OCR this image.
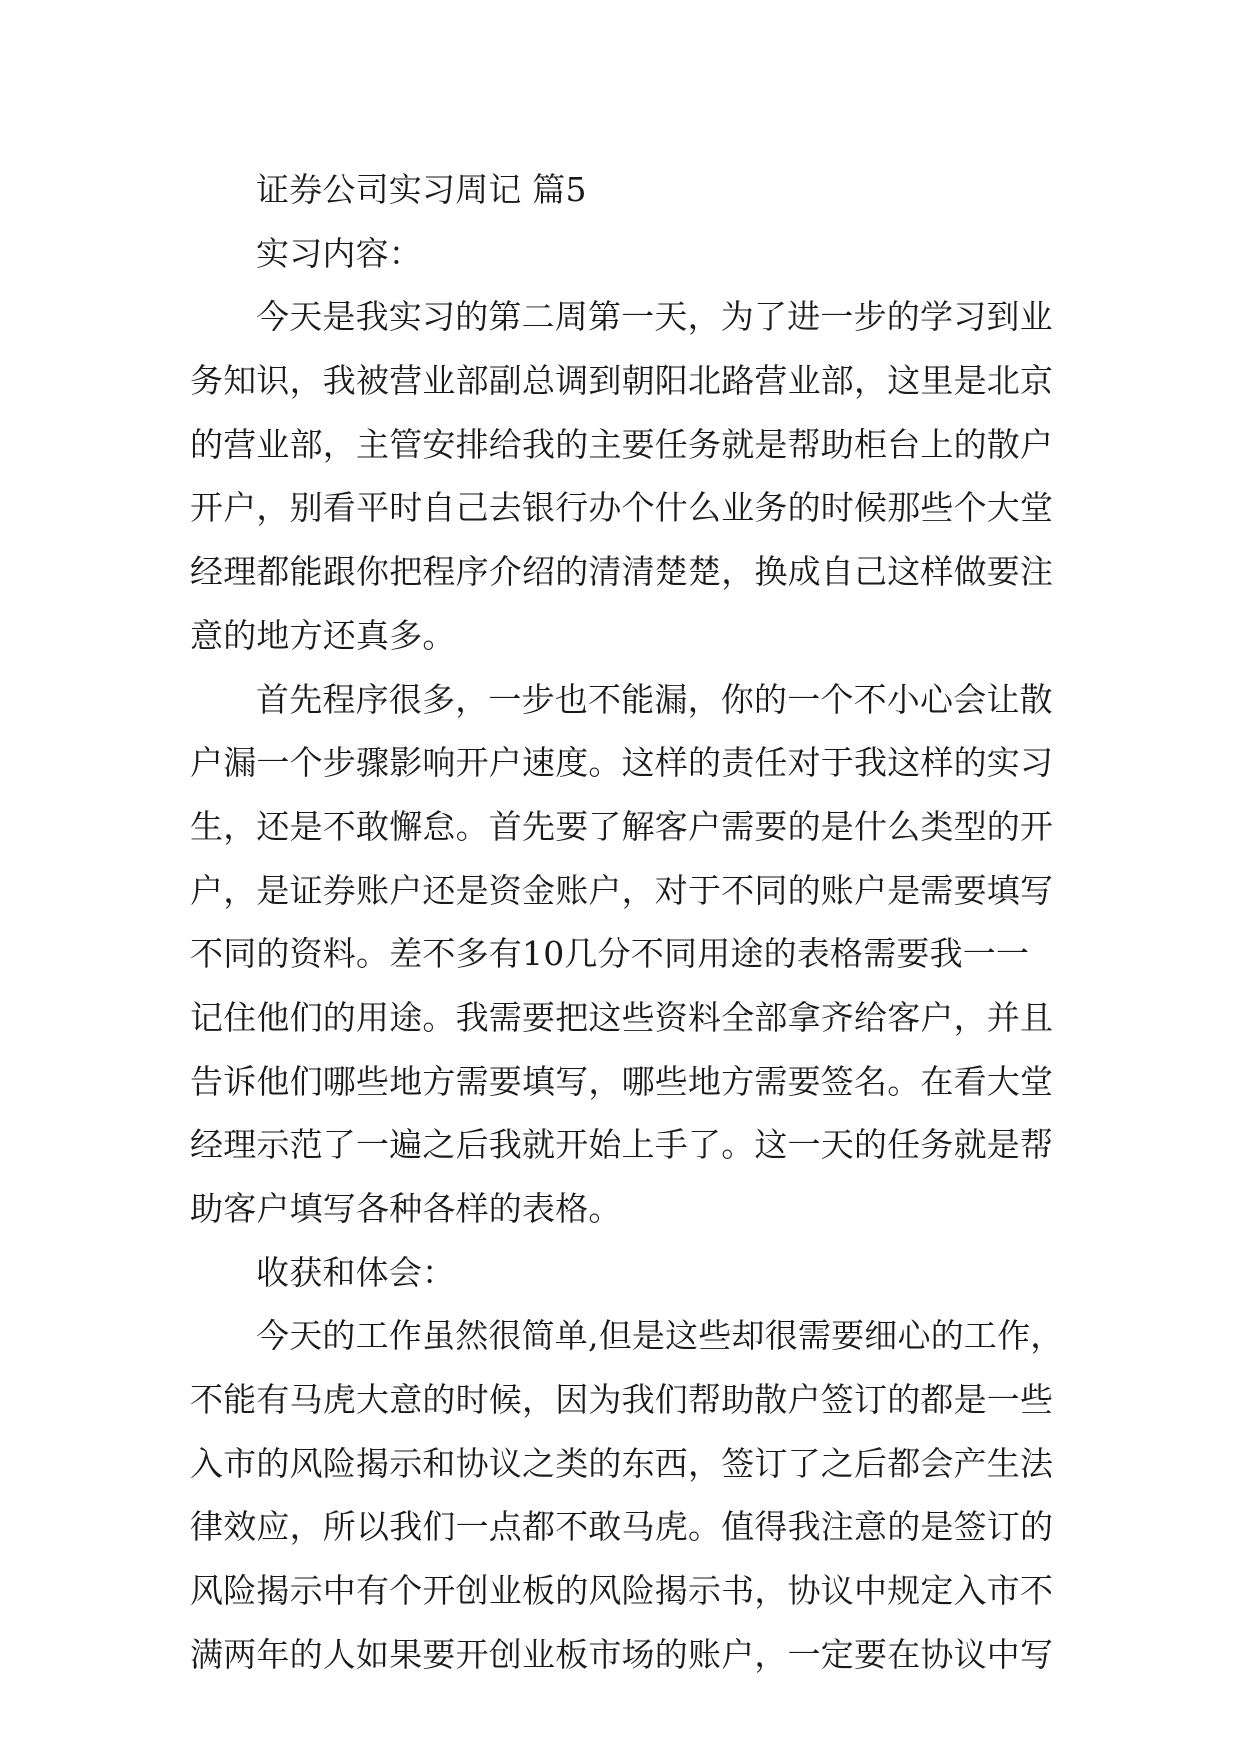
证券公司实习周记 篇5
实习内容：
今天是我实习的第二周第一天，为了进一步的学习到业
务知识，我被营业部副总调到朝阳北路营业部，这里是北京
的营业部，主管安排给我的主要任务就是帮助柜台上的散户
开户，别看平时自己去银行办个什么业务的时候那些个大堂
经理都能跟你把程序介绍的清清楚楚，换成自己这样做要注
意的地方还真多。
首先程序很多，一步也不能漏，你的一个不小心会让散
户漏一个步骤影响开户速度。这样的责任对于我这样的实习
生，还是不敢懈怠。首先要了解客户需要的是什么类型的开
户，是证券账户还是资金账户，对于不同的账户是需要填写
不同的资料。差不多有10几分不同用途的表格需要我一一
记住他们的用途。我需要把这些资料全部拿齐给客户，并且
告诉他们哪些地方需要填写，哪些地方需要签名。在看大堂
经理示范了一遍之后我就开始上手了。这一天的任务就是帮
助客户填写各种各样的表格。
收获和体会：
今天的工作虽然很简单,但是这些却很需要细心的工作，
不能有马虎大意的时候，因为我们帮助散户签订的都是一些
入市的风险揭示和协议之类的东西，签订了之后都会产生法
律效应，所以我们一点都不敢马虎。值得我注意的是签订的
风险揭示中有个开创业板的风险揭示书，协议中规定入市不
满两年的人如果要开创业板市场的账户，一定要在协议中写
